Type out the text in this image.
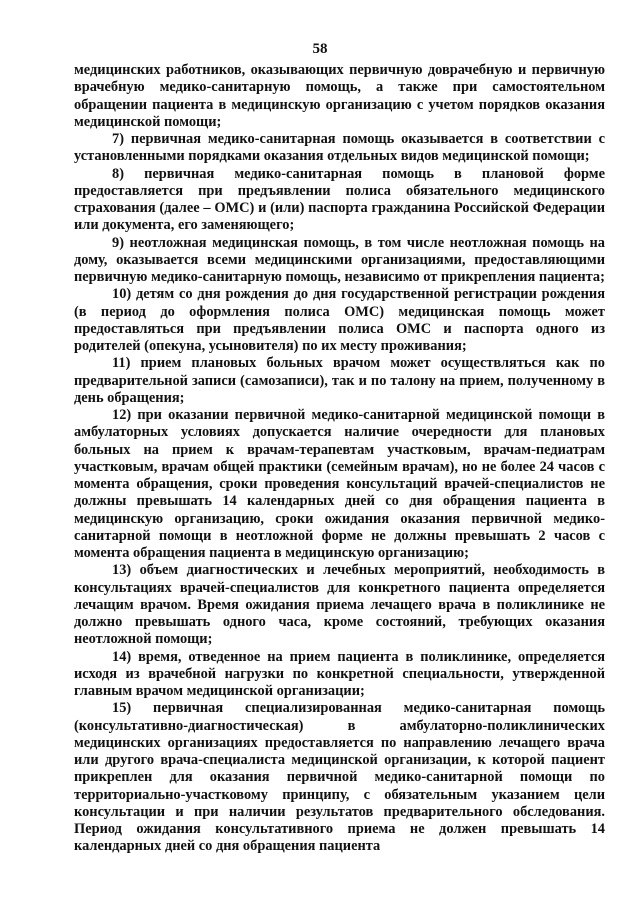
58

медицинских работников, оказывающих первичную доврачебную и первичную врачебную медико-санитарную помощь, а также при самостоятельном обращении пациента в медицинскую организацию с учетом порядков оказания медицинской помощи;

7) первичная медико-санитарная помощь оказывается в соответствии с установленными порядками оказания отдельных видов медицинской помощи;

8) первичная медико-санитарная помощь в плановой форме предоставляется при предъявлении полиса обязательного медицинского страхования (далее – ОМС) и (или) паспорта гражданина Российской Федерации или документа, его заменяющего;

9) неотложная медицинская помощь, в том числе неотложная помощь на дому, оказывается всеми медицинскими организациями, предоставляющими первичную медико-санитарную помощь, независимо от прикрепления пациента;

10) детям со дня рождения до дня государственной регистрации рождения (в период до оформления полиса ОМС) медицинская помощь может предоставляться при предъявлении полиса ОМС и паспорта одного из родителей (опекуна, усыновителя) по их месту проживания;

11) прием плановых больных врачом может осуществляться как по предварительной записи (самозаписи), так и по талону на прием, полученному в день обращения;

12) при оказании первичной медико-санитарной медицинской помощи в амбулаторных условиях допускается наличие очередности для плановых больных на прием к врачам-терапевтам участковым, врачам-педиатрам участковым, врачам общей практики (семейным врачам), но не более 24 часов с момента обращения, сроки проведения консультаций врачей-специалистов не должны превышать 14 календарных дней со дня обращения пациента в медицинскую организацию, сроки ожидания оказания первичной медико-санитарной помощи в неотложной форме не должны превышать 2 часов с момента обращения пациента в медицинскую организацию;

13) объем диагностических и лечебных мероприятий, необходимость в консультациях врачей-специалистов для конкретного пациента определяется лечащим врачом. Время ожидания приема лечащего врача в поликлинике не должно превышать одного часа, кроме состояний, требующих оказания неотложной помощи;

14) время, отведенное на прием пациента в поликлинике, определяется исходя из врачебной нагрузки по конкретной специальности, утвержденной главным врачом медицинской организации;

15) первичная специализированная медико-санитарная помощь (консультативно-диагностическая) в амбулаторно-поликлинических медицинских организациях предоставляется по направлению лечащего врача или другого врача-специалиста медицинской организации, к которой пациент прикреплен для оказания первичной медико-санитарной помощи по территориально-участковому принципу, с обязательным указанием цели консультации и при наличии результатов предварительного обследования. Период ожидания консультативного приема не должен превышать 14 календарных дней со дня обращения пациента
